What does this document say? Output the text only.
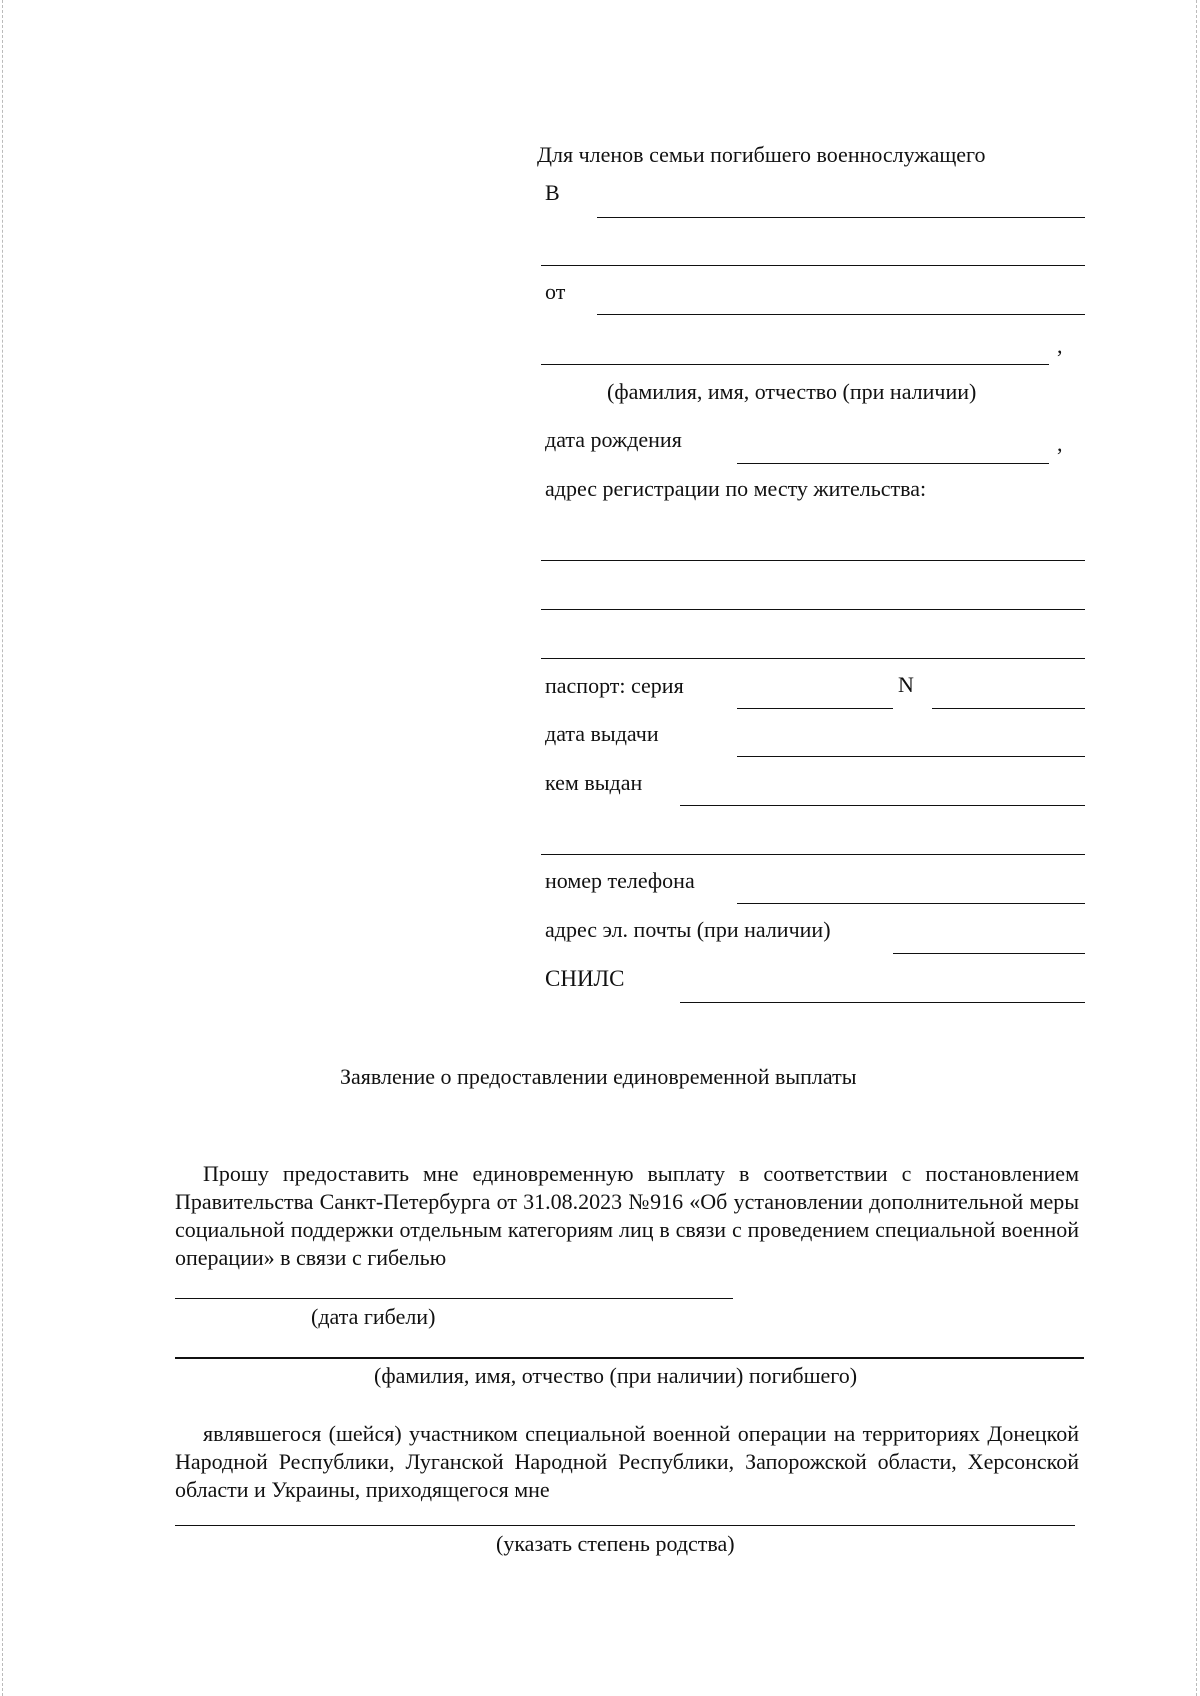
Для членов семьи погибшего военнослужащего
В
от
,
(фамилия, имя, отчество (при наличии)
дата рождения	,
адрес регистрации по месту жительства:
паспорт: серия	N
дата выдачи
кем выдан
номер телефона
адрес эл. почты (при наличии)
СНИЛС
Заявление о предоставлении единовременной выплаты
Прошу предоставить мне единовременную выплату в соответствии с постановлением Правительства Санкт-Петербурга от 31.08.2023 №916 «Об установлении дополнительной меры социальной поддержки отдельным категориям лиц в связи с проведением специальной военной операции» в связи с гибелью
(дата гибели)
(фамилия, имя, отчество (при наличии) погибшего)
являвшегося (шейся) участником специальной военной операции на территориях Донецкой Народной Республики, Луганской Народной Республики, Запорожской области, Херсонской области и Украины, приходящегося мне
(указать степень родства)
